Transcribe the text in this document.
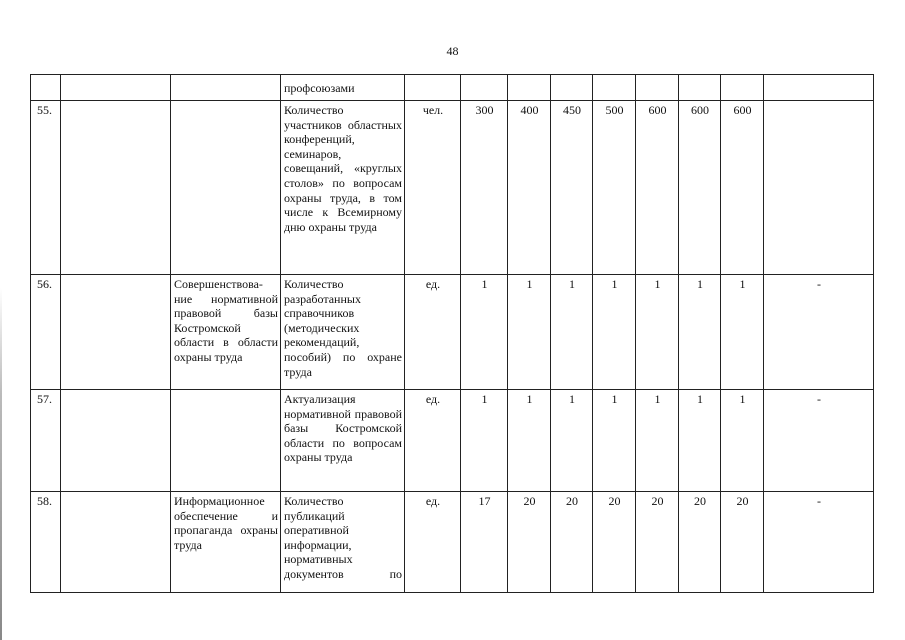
48
			профсоюзами									
55.			Количество участников областных конференций, семинаров, совещаний, «круглых столов» по вопросам охраны труда, в том числе к Всемирному дню охраны труда	чел.	300	400	450	500	600	600	600	
56.		Совершенствова-ние нормативной правовой базы Костромской области в области охраны труда	Количество разработанных справочников (методических рекомендаций, пособий) по охране труда	ед.	1	1	1	1	1	1	1	-
57.			Актуализация нормативной правовой базы Костромской области по вопросам охраны труда	ед.	1	1	1	1	1	1	1	-
58.		Информационное обеспечение и пропаганда охраны труда	Количество публикаций оперативной информации, нормативных документов по	ед.	17	20	20	20	20	20	20	-
